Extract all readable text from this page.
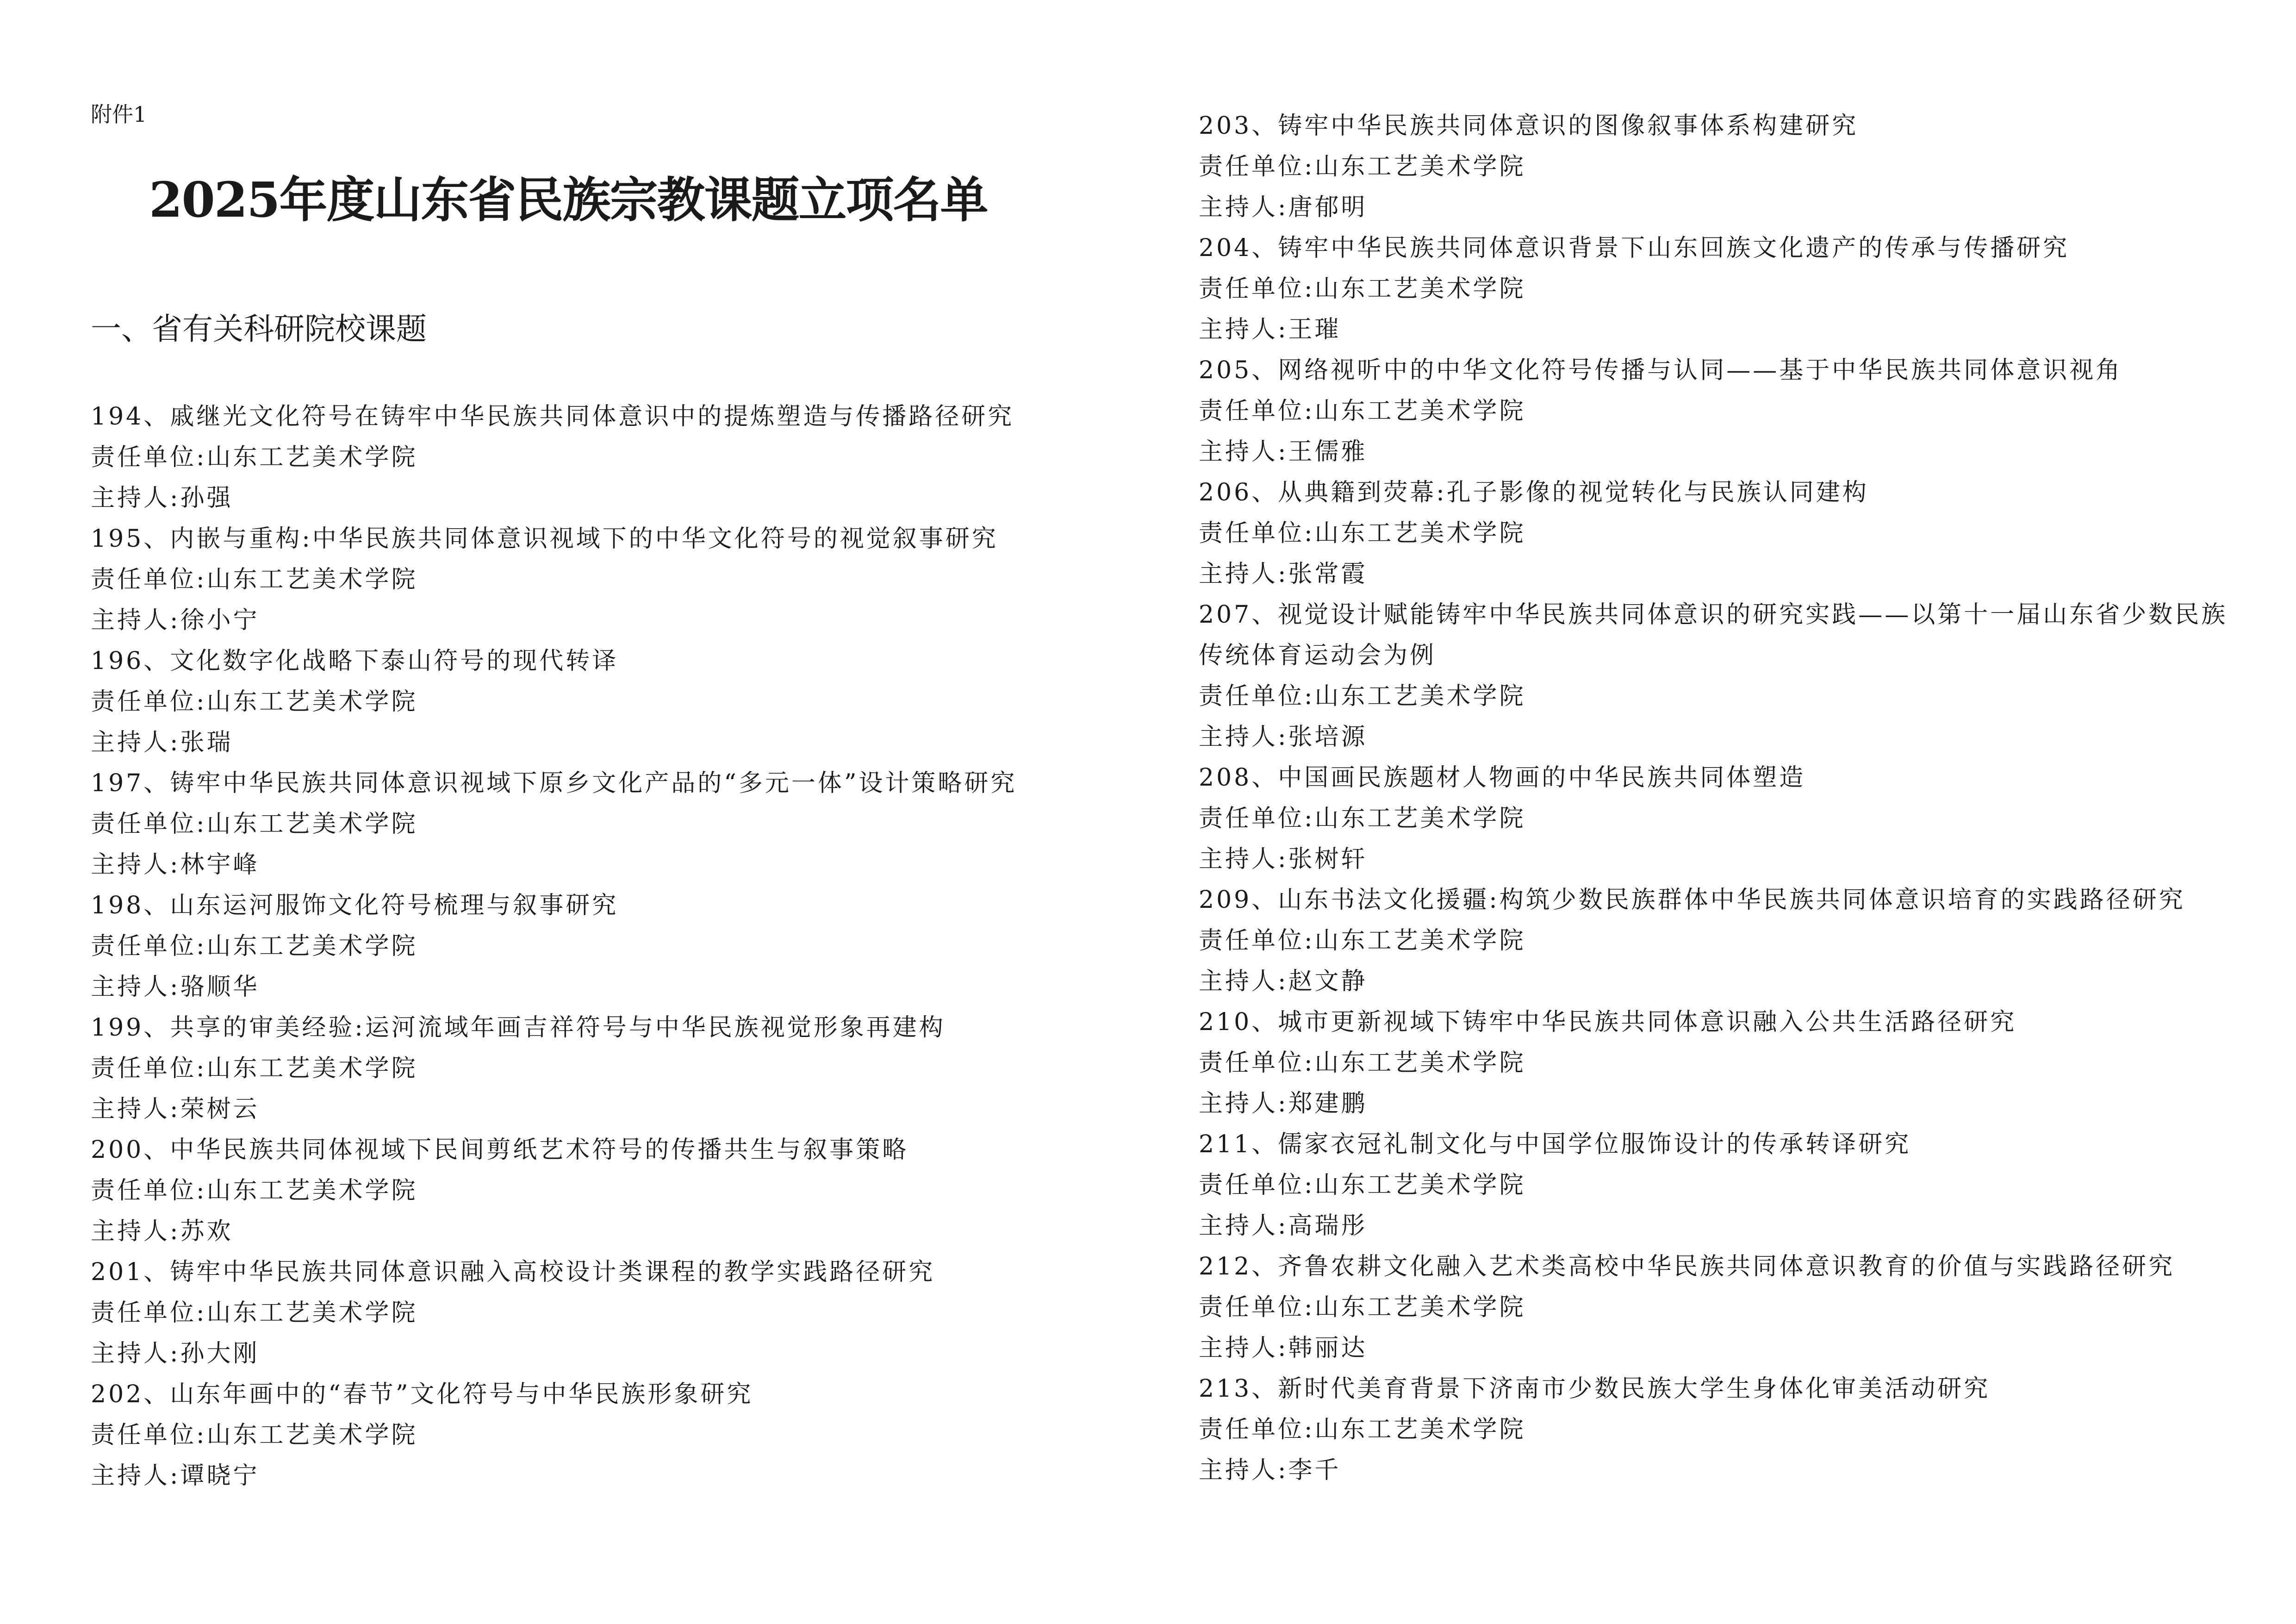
附件1
2025年度山东省民族宗教课题立项名单
一、省有关科研院校课题
194、戚继光文化符号在铸牢中华民族共同体意识中的提炼塑造与传播路径研究
责任单位:山东工艺美术学院
主持人:孙强
195、内嵌与重构:中华民族共同体意识视域下的中华文化符号的视觉叙事研究
责任单位:山东工艺美术学院
主持人:徐小宁
196、文化数字化战略下泰山符号的现代转译
责任单位:山东工艺美术学院
主持人:张瑞
197、铸牢中华民族共同体意识视域下原乡文化产品的“多元一体”设计策略研究
责任单位:山东工艺美术学院
主持人:林宇峰
198、山东运河服饰文化符号梳理与叙事研究
责任单位:山东工艺美术学院
主持人:骆顺华
199、共享的审美经验:运河流域年画吉祥符号与中华民族视觉形象再建构
责任单位:山东工艺美术学院
主持人:荣树云
200、中华民族共同体视域下民间剪纸艺术符号的传播共生与叙事策略
责任单位:山东工艺美术学院
主持人:苏欢
201、铸牢中华民族共同体意识融入高校设计类课程的教学实践路径研究
责任单位:山东工艺美术学院
主持人:孙大刚
202、山东年画中的“春节”文化符号与中华民族形象研究
责任单位:山东工艺美术学院
主持人:谭晓宁
203、铸牢中华民族共同体意识的图像叙事体系构建研究
责任单位:山东工艺美术学院
主持人:唐郁明
204、铸牢中华民族共同体意识背景下山东回族文化遗产的传承与传播研究
责任单位:山东工艺美术学院
主持人:王璀
205、网络视听中的中华文化符号传播与认同——基于中华民族共同体意识视角
责任单位:山东工艺美术学院
主持人:王儒雅
206、从典籍到荧幕:孔子影像的视觉转化与民族认同建构
责任单位:山东工艺美术学院
主持人:张常霞
207、视觉设计赋能铸牢中华民族共同体意识的研究实践——以第十一届山东省少数民族传统体育运动会为例
责任单位:山东工艺美术学院
主持人:张培源
208、中国画民族题材人物画的中华民族共同体塑造
责任单位:山东工艺美术学院
主持人:张树轩
209、山东书法文化援疆:构筑少数民族群体中华民族共同体意识培育的实践路径研究
责任单位:山东工艺美术学院
主持人:赵文静
210、城市更新视域下铸牢中华民族共同体意识融入公共生活路径研究
责任单位:山东工艺美术学院
主持人:郑建鹏
211、儒家衣冠礼制文化与中国学位服饰设计的传承转译研究
责任单位:山东工艺美术学院
主持人:高瑞彤
212、齐鲁农耕文化融入艺术类高校中华民族共同体意识教育的价值与实践路径研究
责任单位:山东工艺美术学院
主持人:韩丽达
213、新时代美育背景下济南市少数民族大学生身体化审美活动研究
责任单位:山东工艺美术学院
主持人:李千
